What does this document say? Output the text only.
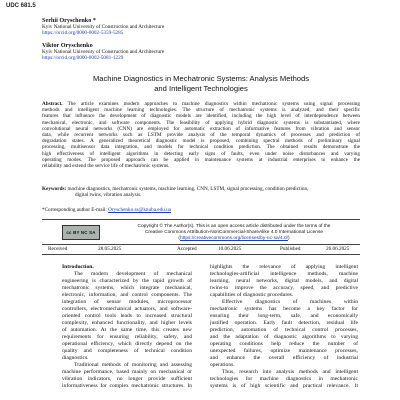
UDC 681.5
Serhii Oryschenko *
Kyiv National University of Construction and Architecture
https://orcid.org/0000-0002-5359-5285
Viktor Oryschenko
Kyiv National University of Construction and Architecture
https://orcid.org/0000-0002-5081-1229
Machine Diagnostics in Mechatronic Systems: Analysis Methods
and Intelligent Technologies
Abstract. The article examines modern approaches to machine diagnostics within mechatronic systems using signal processing
methods and intelligent machine learning technologies. The structure of mechatronic systems is analyzed, and their specific
features that influence the development of diagnostic models are identified, including the high level of interdependence between
mechanical, electronic, and software components. The feasibility of applying hybrid diagnostic systems is substantiated, where
convolutional neural networks (CNN) are employed for automatic extraction of informative features from vibration and sensor
data, while recurrent networks such as LSTM provide analysis of the temporal dynamics of processes and prediction of
degradation states. A generalized theoretical diagnostic model is proposed, combining spectral methods of preliminary signal
processing, multisensor data integration, and models for technical condition prediction. The obtained results demonstrate the
high effectiveness of intelligent algorithms in detecting early signs of faults, even under noise disturbances and varying
operating modes. The proposed approach can be applied in maintenance systems at industrial enterprises to enhance the
reliability and extend the service life of mechatronic systems.
Keywords: machine diagnostics, mechatronic systems, machine learning, CNN, LSTM, signal processing, condition prediction,
digital twins, vibration analysis.
*Corresponding author E-mail: Oryschenko.ss@knuba.edu.ua
cc BY NC SA
Copyright © The Author(s). This is an open access article distributed under the terms of the
Creative Commons Attribution-NonCommercial-ShareAlike 4.0 International License
(https://creativecommons.org/licenses/by-nc-sa/4.0/)
Received	28.05.2025	Accepted	10.06.2025	Published	26.06.2025
Introduction.
The modern development of mechanical
engineering is characterized by the rapid growth of
mechatronic systems, which integrate mechanical,
electronic, information, and control components. The
integration of sensor modules, microprocessor
controllers, electromechanical actuators, and software-
oriented control tools leads to increased structural
complexity, enhanced functionality, and higher levels
of automation. At the same time, this creates new
requirements for ensuring reliability, safety, and
operational efficiency, which directly depend on the
quality and completeness of technical condition
diagnostics.
Traditional methods of monitoring and assessing
machine performance, based mainly on mechanical or
vibration indicators, no longer provide sufficient
informativeness for complex mechatronic structures. In
highlights the relevance of applying intelligent
technologies-artificial intelligence methods, machine
learning, neural networks, digital models, and digital
twins-to improve the accuracy, speed, and predictive
capabilities of diagnostic procedures.
Effective diagnostics of machines within
mechatronic systems has become a key factor for
ensuring their long-term, safe, and economically
justified operation. Early fault detection, residual life
prediction, automation of technical control processes,
and the adaptation of diagnostic algorithms to varying
operating conditions help reduce the number of
unexpected failures, optimize maintenance processes,
and enhance the overall efficiency of industrial
operations.
Thus, research into analysis methods and intelligent
technologies for machine diagnostics in mechatronic
systems is of high scientific and practical relevance. It
